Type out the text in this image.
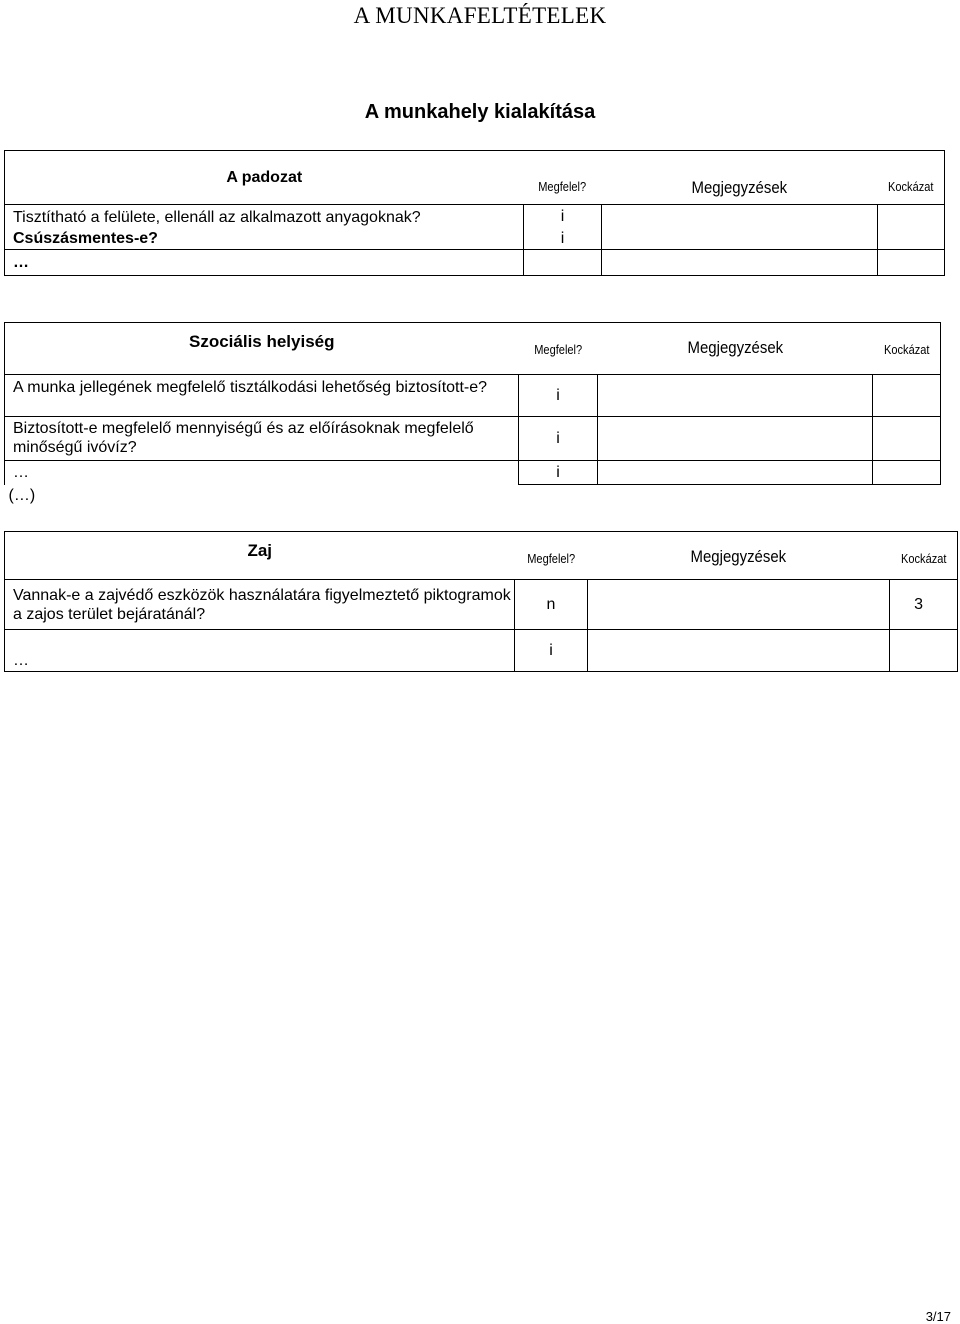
A MUNKAFELTÉTELEK
A munkahely kialakítása
A padozat	Megfelel?	Megjegyzések	Kockázat
Tisztítható a felülete, ellenáll az alkalmazott anyagoknak?	i		
Csúszásmentes-e?	i		
…			
Szociális helyiség	Megfelel?	Megjegyzések	Kockázat
A munka jellegének megfelelő tisztálkodási lehetőség biztosított-e?	i		
Biztosított-e megfelelő mennyiségű és az előírásoknak megfelelő minőségű ivóvíz?	i		
…	i		
(…)			
Zaj	Megfelel?	Megjegyzések	Kockázat
Vannak-e a zajvédő eszközök használatára figyelmeztető piktogramok a zajos terület bejáratánál?	n		3
…	i		
3/17
